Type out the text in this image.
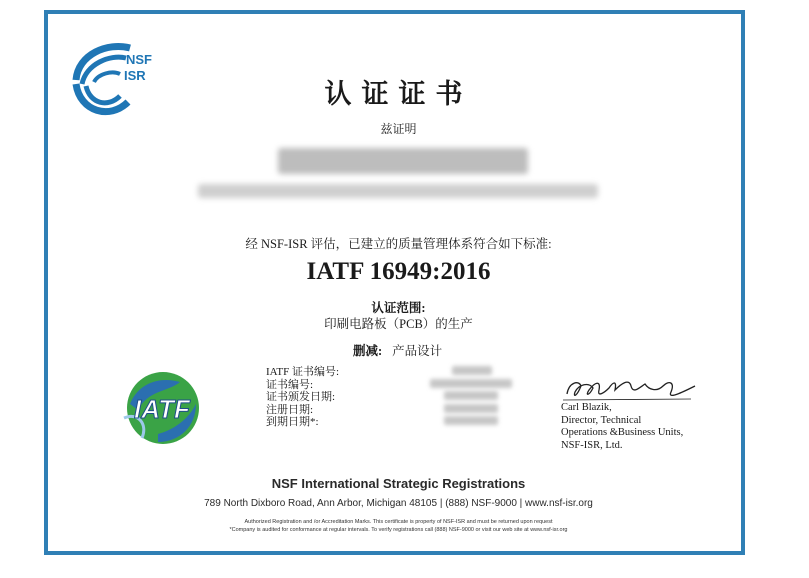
NSF
ISR
认证证书
兹证明
经 NSF-ISR 评估，已建立的质量管理体系符合如下标准:
IATF 16949:2016
认证范围:
印刷电路板（PCB）的生产
删减: 产品设计
IATF
IATF 证书编号:
证书编号:
证书颁发日期:
注册日期:
到期日期*:
Carl Blazik,
Director, Technical
Operations &Business Units,
NSF-ISR, Ltd.
NSF International Strategic Registrations
789 North Dixboro Road, Ann Arbor, Michigan 48105 | (888) NSF-9000 | www.nsf-isr.org
Authorized Registration and /or Accreditation Marks. This certificate is property of NSF-ISR and must be returned upon request
*Company is audited for conformance at regular intervals. To verify registrations call (888) NSF-9000 or visit our web site at www.nsf-isr.org
